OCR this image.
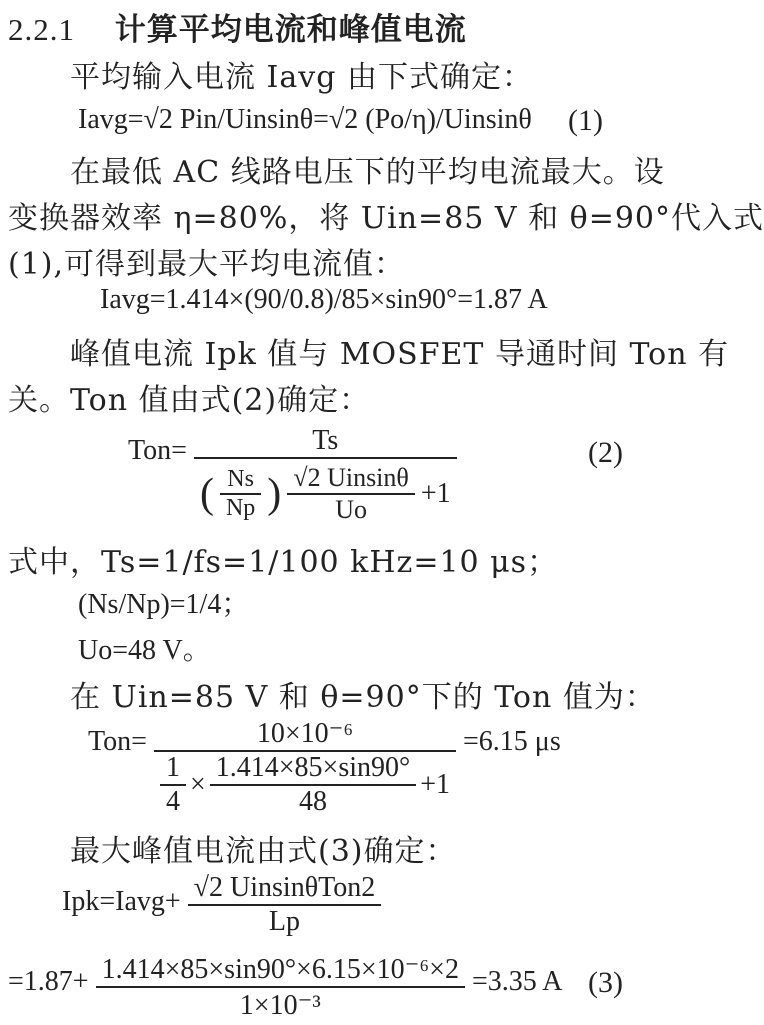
2.2.1 计算平均电流和峰值电流
平均输入电流 Iavg 由下式确定：
Iavg=√2 Pin/Uinsinθ=√2 (Po/η)/Uinsinθ (1)
在最低 AC 线路电压下的平均电流最大。设
变换器效率 η=80%，将 Uin=85 V 和 θ=90°代入式
(1),可得到最大平均电流值：
Iavg=1.414×(90/0.8)/85×sin90°=1.87 A
峰值电流 Ipk 值与 MOSFET 导通时间 Ton 有
关。Ton 值由式(2)确定：
Ton=	Ts
( $\frac{Ns}{Np}$ ) $\frac{\text{√2 Uinsinθ}}{Uo} +1$
(2)
式中，Ts=1/fs=1/100 kHz=10 μs；
(Ns/Np)=1/4；
Uo=48 V。
在 Uin=85 V 和 θ=90°下的 Ton 值为：
Ton=	10×10⁻⁶
$\frac{1}{4} \times \frac{1.414\times 85\times\sin 90^\circ}{48} +1$
=6.15 μs
最大峰值电流由式(3)确定：
Ipk=Iavg+ $\frac{\text{√2 UinsinθTon2}}{Lp}$
$=1.87+ \frac{\text{1.414×85×sin90°×6.15×10⁻⁶×2}}{\text{1×10⁻³}} =3.35$ A (3)
